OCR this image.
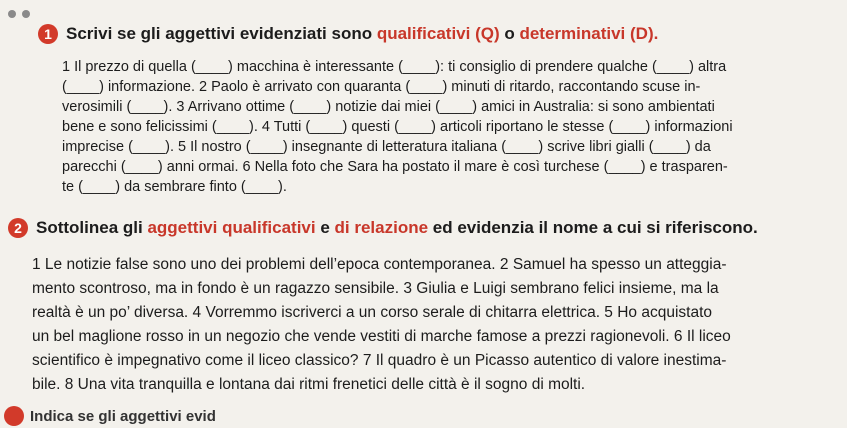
1 Scrivi se gli aggettivi evidenziati sono qualificativi (Q) o determinativi (D).
1 Il prezzo di quella (____) macchina è interessante (____): ti consiglio di prendere qualche (____) altra
(____) informazione. 2 Paolo è arrivato con quaranta (____) minuti di ritardo, raccontando scuse in-
verosimili (____). 3 Arrivano ottime (____) notizie dai miei (____) amici in Australia: si sono ambientati
bene e sono felicissimi (____). 4 Tutti (____) questi (____) articoli riportano le stesse (____) informazioni
imprecise (____). 5 Il nostro (____) insegnante di letteratura italiana (____) scrive libri gialli (____) da
parecchi (____) anni ormai. 6 Nella foto che Sara ha postato il mare è così turchese (____) e trasparen-
te (____) da sembrare finto (____).
2 Sottolinea gli aggettivi qualificativi e di relazione ed evidenzia il nome a cui si riferiscono.
1 Le notizie false sono uno dei problemi dell’epoca contemporanea. 2 Samuel ha spesso un atteggia-
mento scontroso, ma in fondo è un ragazzo sensibile. 3 Giulia e Luigi sembrano felici insieme, ma la
realtà è un po’ diversa. 4 Vorremmo iscriverci a un corso serale di chitarra elettrica. 5 Ho acquistato
un bel maglione rosso in un negozio che vende vestiti di marche famose a prezzi ragionevoli. 6 Il liceo
scientifico è impegnativo come il liceo classico? 7 Il quadro è un Picasso autentico di valore inestima-
bile. 8 Una vita tranquilla e lontana dai ritmi frenetici delle città è il sogno di molti.
Indica se gli aggettivi evid
